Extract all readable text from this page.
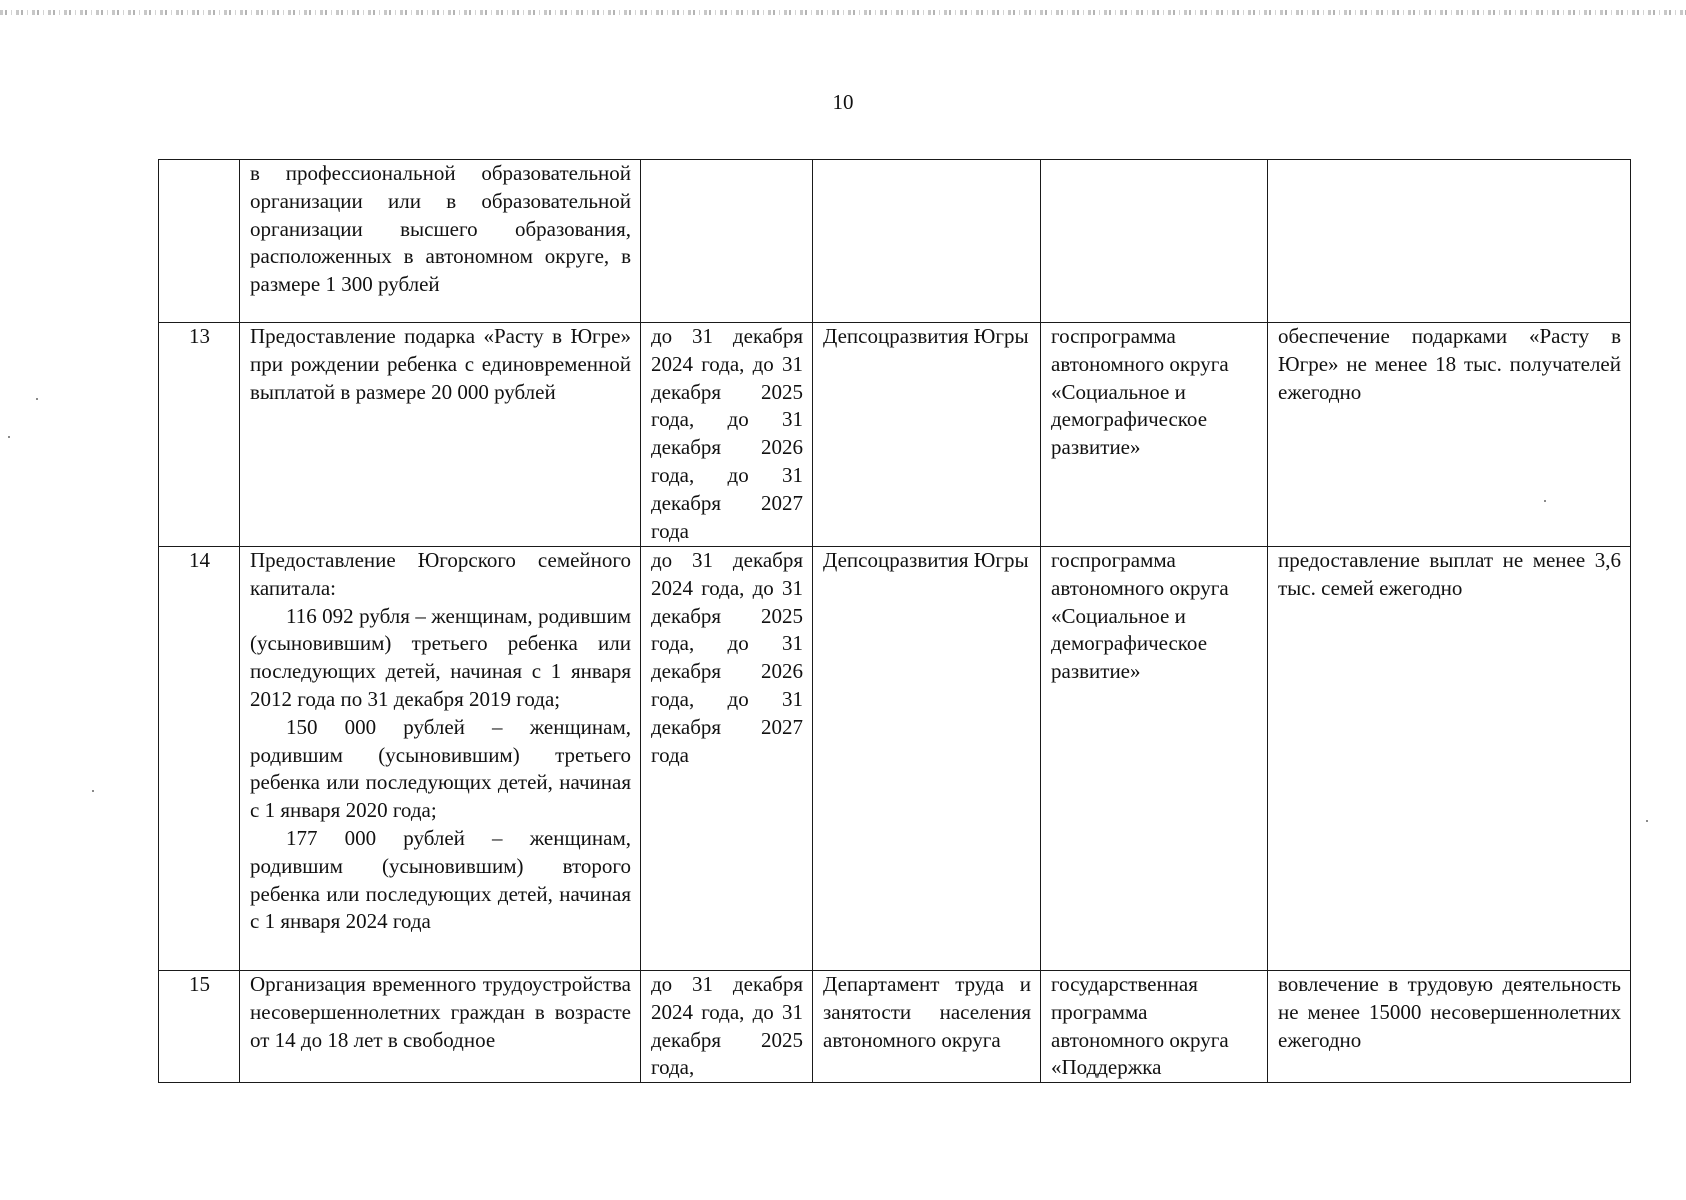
10

	в профессиональной образовательной организации или в образовательной организации высшего образования, расположенных в автономном округе, в размере 1 300 рублей				

13	Предоставление подарка «Расту в Югре» при рождении ребенка с единовременной выплатой в размере 20 000 рублей	до 31 декабря 2024 года, до 31 декабря 2025 года, до 31 декабря 2026 года, до 31 декабря 2027 года	Депсоцразвития Югры	госпрограмма автономного округа «Социальное и демографическое развитие»	обеспечение подарками «Расту в Югре» не менее 18 тыс. получателей ежегодно
14	Предоставление Югорского семейного капитала:
116 092 рубля – женщинам, родившим (усыновившим) третьего ребенка или последующих детей, начиная с 1 января 2012 года по 31 декабря 2019 года;
150 000 рублей – женщинам, родившим (усыновившим) третьего ребенка или последующих детей, начиная с 1 января 2020 года;
177 000 рублей – женщинам, родившим (усыновившим) второго ребенка или последующих детей, начиная с 1 января 2024 года	до 31 декабря 2024 года, до 31 декабря 2025 года, до 31 декабря 2026 года, до 31 декабря 2027 года	Депсоцразвития Югры	госпрограмма автономного округа «Социальное и демографическое развитие»	предоставление выплат не менее 3,6 тыс. семей ежегодно

15	Организация временного трудоустройства несовершеннолетних граждан в возрасте от 14 до 18 лет в свободное	до 31 декабря 2024 года, до 31 декабря 2025 года,	Департамент труда и занятости населения автономного округа	государственная программа автономного округа «Поддержка	вовлечение в трудовую деятельность не менее 15000 несовершеннолетних ежегодно
